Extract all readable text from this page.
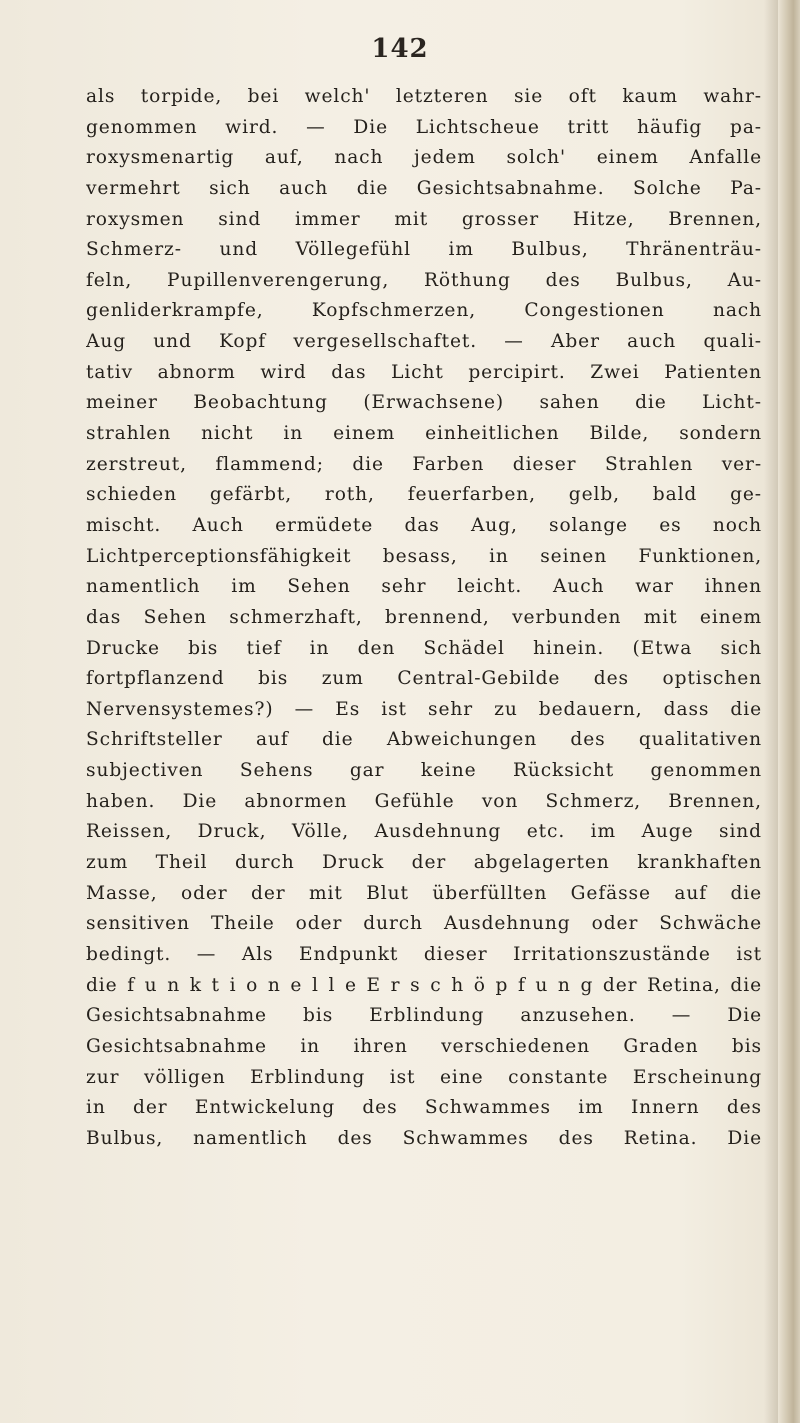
142
als torpide, bei welch' letzteren sie oft kaum wahr-
genommen wird. — Die Lichtscheue tritt häufig pa-
roxysmenartig auf, nach jedem solch' einem Anfalle
vermehrt sich auch die Gesichtsabnahme. Solche Pa-
roxysmen sind immer mit grosser Hitze, Brennen,
Schmerz- und Völlegefühl im Bulbus, Thränenträu-
feln, Pupillenverengerung, Röthung des Bulbus, Au-
genliderkrampfe, Kopfschmerzen, Congestionen nach
Aug und Kopf vergesellschaftet. — Aber auch quali-
tativ abnorm wird das Licht percipirt. Zwei Patienten
meiner Beobachtung (Erwachsene) sahen die Licht-
strahlen nicht in einem einheitlichen Bilde, sondern
zerstreut, flammend; die Farben dieser Strahlen ver-
schieden gefärbt, roth, feuerfarben, gelb, bald ge-
mischt. Auch ermüdete das Aug, solange es noch
Lichtperceptionsfähigkeit besass, in seinen Funktionen,
namentlich im Sehen sehr leicht. Auch war ihnen
das Sehen schmerzhaft, brennend, verbunden mit einem
Drucke bis tief in den Schädel hinein. (Etwa sich
fortpflanzend bis zum Central-Gebilde des optischen
Nervensystemes?) — Es ist sehr zu bedauern, dass die
Schriftsteller auf die Abweichungen des qualitativen
subjectiven Sehens gar keine Rücksicht genommen
haben. Die abnormen Gefühle von Schmerz, Brennen,
Reissen, Druck, Völle, Ausdehnung etc. im Auge sind
zum Theil durch Druck der abgelagerten krankhaften
Masse, oder der mit Blut überfüllten Gefässe auf die
sensitiven Theile oder durch Ausdehnung oder Schwäche
bedingt. — Als Endpunkt dieser Irritationszustände ist
die f u n k t i o n e l l e E r s c h ö p f u n g der Retina, die
Gesichtsabnahme bis Erblindung anzusehen. — Die
Gesichtsabnahme in ihren verschiedenen Graden bis
zur völligen Erblindung ist eine constante Erscheinung
in der Entwickelung des Schwammes im Innern des
Bulbus, namentlich des Schwammes des Retina. Die
